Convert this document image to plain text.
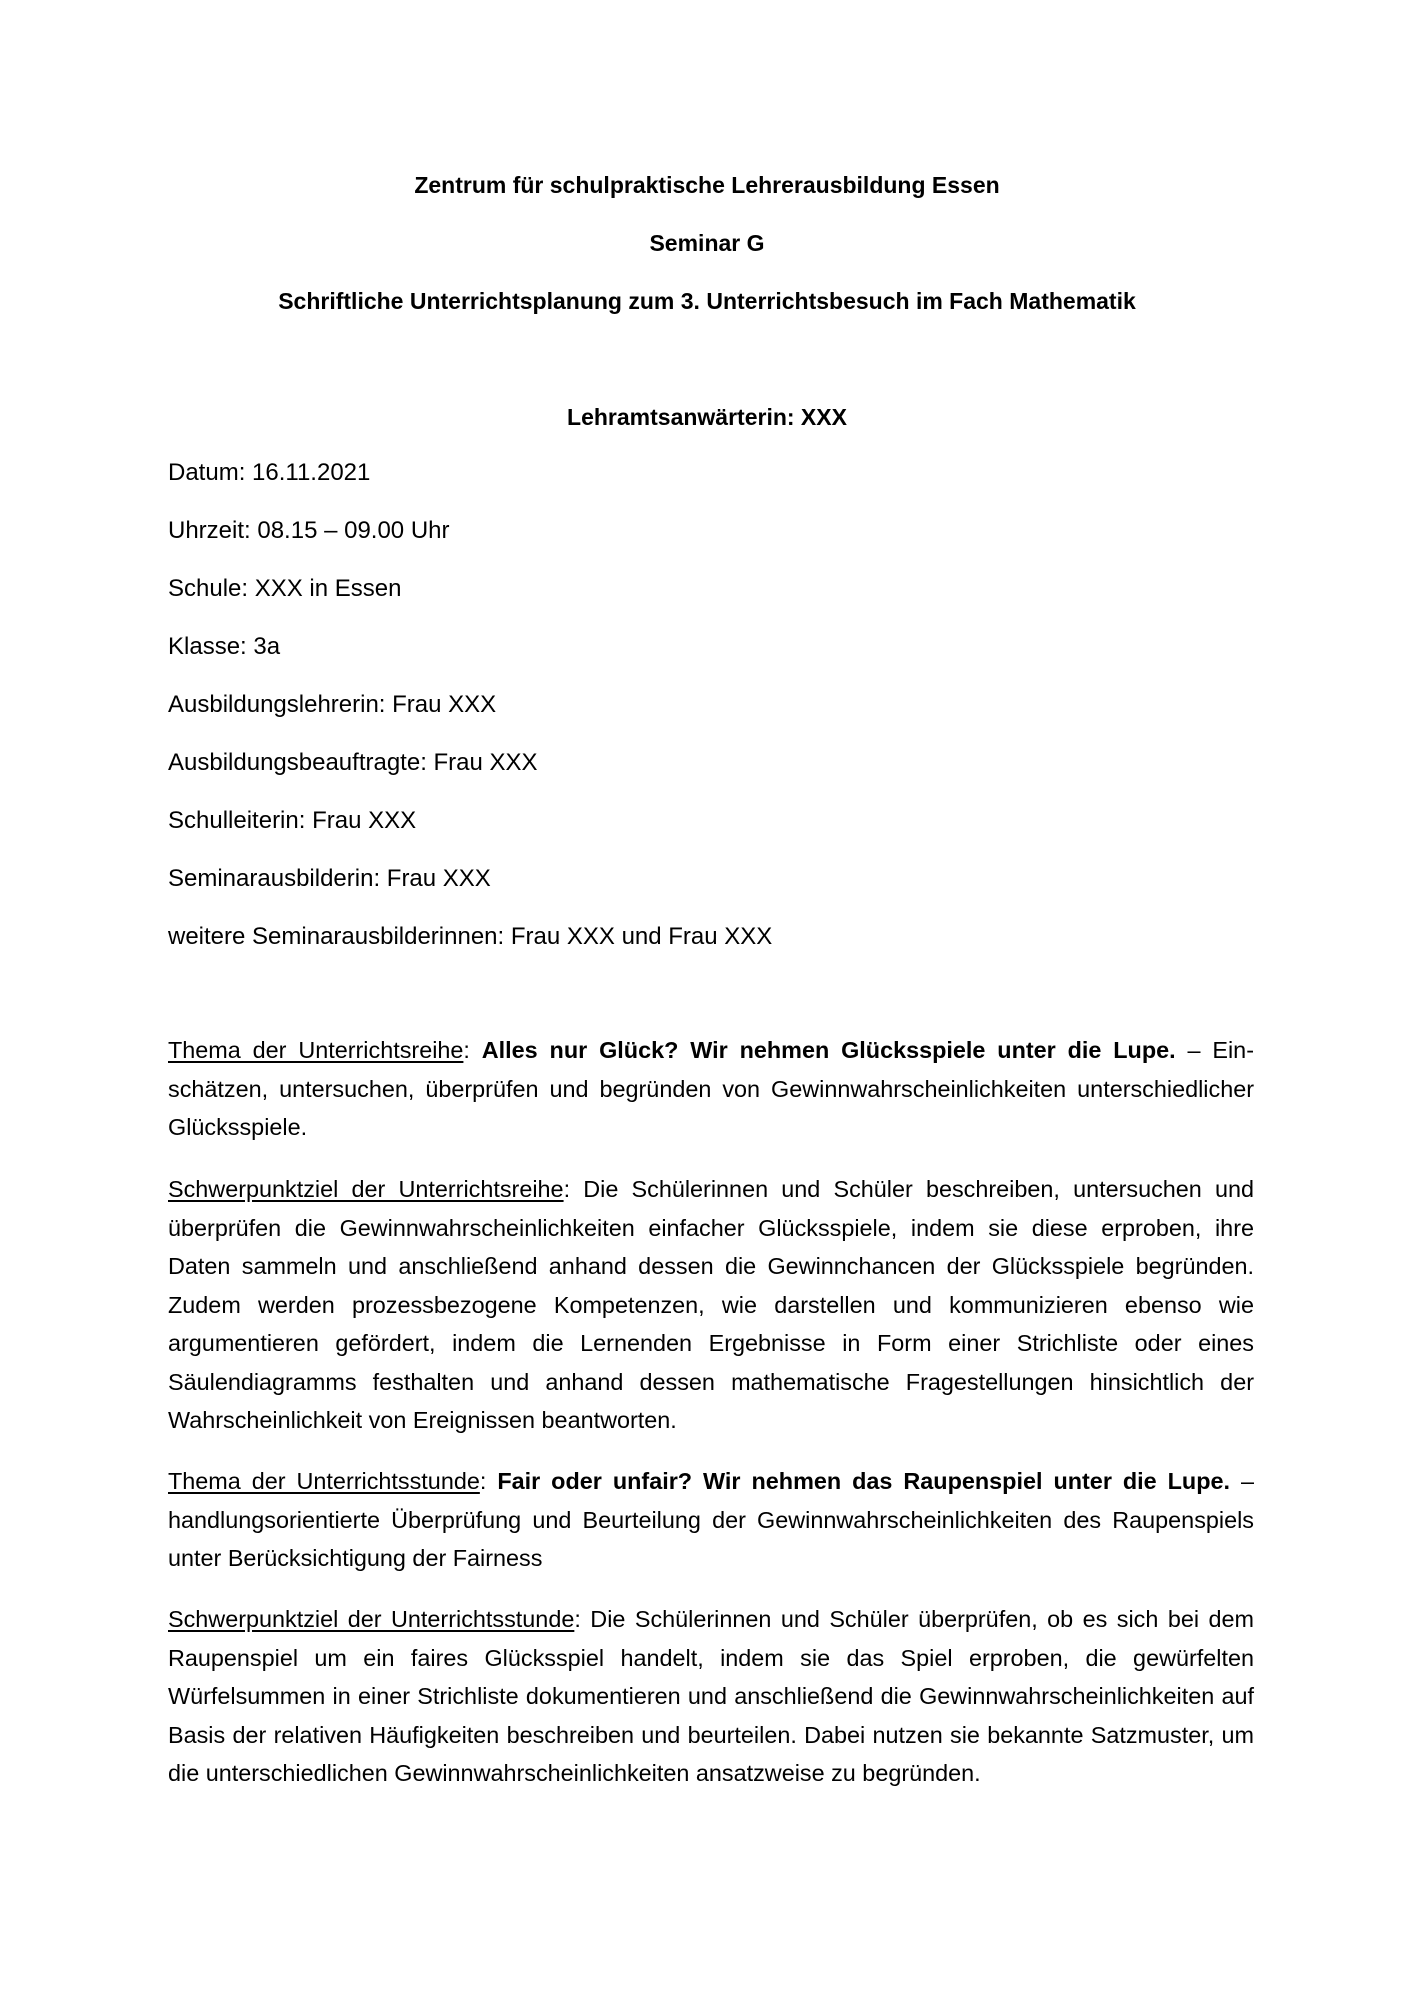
Zentrum für schulpraktische Lehrerausbildung Essen
Seminar G
Schriftliche Unterrichtsplanung zum 3. Unterrichtsbesuch im Fach Mathematik
Lehramtsanwärterin: XXX
Datum: 16.11.2021
Uhrzeit: 08.15 – 09.00 Uhr
Schule: XXX in Essen
Klasse: 3a
Ausbildungslehrerin: Frau XXX
Ausbildungsbeauftragte: Frau XXX
Schulleiterin: Frau XXX
Seminarausbilderin: Frau XXX
weitere Seminarausbilderinnen: Frau XXX und Frau XXX
Thema der Unterrichtsreihe: Alles nur Glück? Wir nehmen Glücksspiele unter die Lupe. – Einschätzen, untersuchen, überprüfen und begründen von Gewinnwahrscheinlichkeiten unterschiedlicher Glücksspiele.
Schwerpunktziel der Unterrichtsreihe: Die Schülerinnen und Schüler beschreiben, untersuchen und überprüfen die Gewinnwahrscheinlichkeiten einfacher Glücksspiele, indem sie diese erproben, ihre Daten sammeln und anschließend anhand dessen die Gewinnchancen der Glücksspiele begründen. Zudem werden prozessbezogene Kompetenzen, wie darstellen und kommunizieren ebenso wie argumentieren gefördert, indem die Lernenden Ergebnisse in Form einer Strichliste oder eines Säulendiagramms festhalten und anhand dessen mathematische Fragestellungen hinsichtlich der Wahrscheinlichkeit von Ereignissen beantworten.
Thema der Unterrichtsstunde: Fair oder unfair? Wir nehmen das Raupenspiel unter die Lupe. – handlungsorientierte Überprüfung und Beurteilung der Gewinnwahrscheinlichkeiten des Raupenspiels unter Berücksichtigung der Fairness
Schwerpunktziel der Unterrichtsstunde: Die Schülerinnen und Schüler überprüfen, ob es sich bei dem Raupenspiel um ein faires Glücksspiel handelt, indem sie das Spiel erproben, die gewürfelten Würfelsummen in einer Strichliste dokumentieren und anschließend die Gewinnwahrscheinlichkeiten auf Basis der relativen Häufigkeiten beschreiben und beurteilen. Dabei nutzen sie bekannte Satzmuster, um die unterschiedlichen Gewinnwahrscheinlichkeiten ansatzweise zu begründen.
